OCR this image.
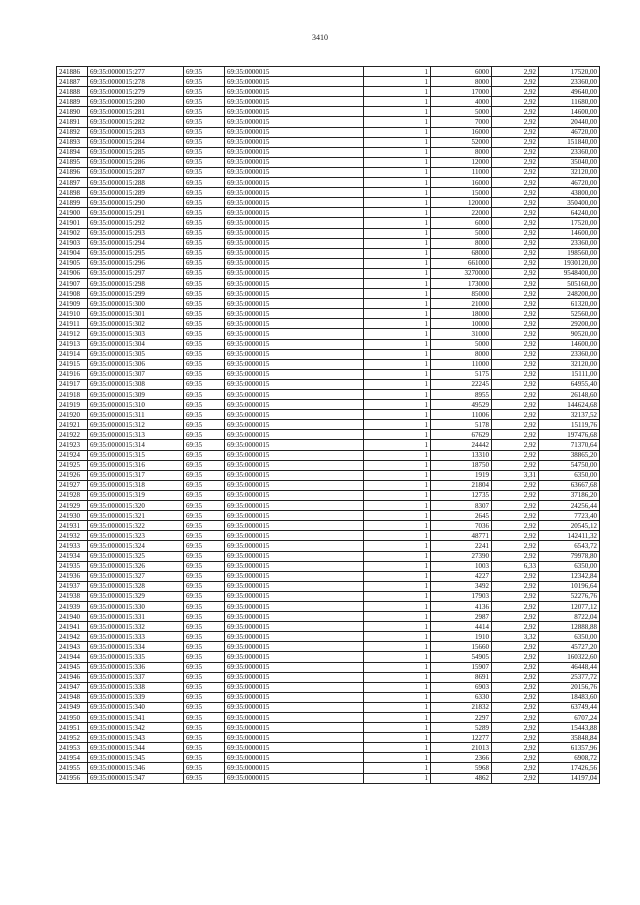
3410
241886	69:35:0000015:277	69:35	69:35:0000015	1	6000	2,92	17520,00
241887	69:35:0000015:278	69:35	69:35:0000015	1	8000	2,92	23360,00
241888	69:35:0000015:279	69:35	69:35:0000015	1	17000	2,92	49640,00
241889	69:35:0000015:280	69:35	69:35:0000015	1	4000	2,92	11680,00
241890	69:35:0000015:281	69:35	69:35:0000015	1	5000	2,92	14600,00
241891	69:35:0000015:282	69:35	69:35:0000015	1	7000	2,92	20440,00
241892	69:35:0000015:283	69:35	69:35:0000015	1	16000	2,92	46720,00
241893	69:35:0000015:284	69:35	69:35:0000015	1	52000	2,92	151840,00
241894	69:35:0000015:285	69:35	69:35:0000015	1	8000	2,92	23360,00
241895	69:35:0000015:286	69:35	69:35:0000015	1	12000	2,92	35040,00
241896	69:35:0000015:287	69:35	69:35:0000015	1	11000	2,92	32120,00
241897	69:35:0000015:288	69:35	69:35:0000015	1	16000	2,92	46720,00
241898	69:35:0000015:289	69:35	69:35:0000015	1	15000	2,92	43800,00
241899	69:35:0000015:290	69:35	69:35:0000015	1	120000	2,92	350400,00
241900	69:35:0000015:291	69:35	69:35:0000015	1	22000	2,92	64240,00
241901	69:35:0000015:292	69:35	69:35:0000015	1	6000	2,92	17520,00
241902	69:35:0000015:293	69:35	69:35:0000015	1	5000	2,92	14600,00
241903	69:35:0000015:294	69:35	69:35:0000015	1	8000	2,92	23360,00
241904	69:35:0000015:295	69:35	69:35:0000015	1	68000	2,92	198560,00
241905	69:35:0000015:296	69:35	69:35:0000015	1	661000	2,92	1930120,00
241906	69:35:0000015:297	69:35	69:35:0000015	1	3270000	2,92	9548400,00
241907	69:35:0000015:298	69:35	69:35:0000015	1	173000	2,92	505160,00
241908	69:35:0000015:299	69:35	69:35:0000015	1	85000	2,92	248200,00
241909	69:35:0000015:300	69:35	69:35:0000015	1	21000	2,92	61320,00
241910	69:35:0000015:301	69:35	69:35:0000015	1	18000	2,92	52560,00
241911	69:35:0000015:302	69:35	69:35:0000015	1	10000	2,92	29200,00
241912	69:35:0000015:303	69:35	69:35:0000015	1	31000	2,92	90520,00
241913	69:35:0000015:304	69:35	69:35:0000015	1	5000	2,92	14600,00
241914	69:35:0000015:305	69:35	69:35:0000015	1	8000	2,92	23360,00
241915	69:35:0000015:306	69:35	69:35:0000015	1	11000	2,92	32120,00
241916	69:35:0000015:307	69:35	69:35:0000015	1	5175	2,92	15111,00
241917	69:35:0000015:308	69:35	69:35:0000015	1	22245	2,92	64955,40
241918	69:35:0000015:309	69:35	69:35:0000015	1	8955	2,92	26148,60
241919	69:35:0000015:310	69:35	69:35:0000015	1	49529	2,92	144624,68
241920	69:35:0000015:311	69:35	69:35:0000015	1	11006	2,92	32137,52
241921	69:35:0000015:312	69:35	69:35:0000015	1	5178	2,92	15119,76
241922	69:35:0000015:313	69:35	69:35:0000015	1	67629	2,92	197476,68
241923	69:35:0000015:314	69:35	69:35:0000015	1	24442	2,92	71370,64
241924	69:35:0000015:315	69:35	69:35:0000015	1	13310	2,92	38865,20
241925	69:35:0000015:316	69:35	69:35:0000015	1	18750	2,92	54750,00
241926	69:35:0000015:317	69:35	69:35:0000015	1	1919	3,31	6350,00
241927	69:35:0000015:318	69:35	69:35:0000015	1	21804	2,92	63667,68
241928	69:35:0000015:319	69:35	69:35:0000015	1	12735	2,92	37186,20
241929	69:35:0000015:320	69:35	69:35:0000015	1	8307	2,92	24256,44
241930	69:35:0000015:321	69:35	69:35:0000015	1	2645	2,92	7723,40
241931	69:35:0000015:322	69:35	69:35:0000015	1	7036	2,92	20545,12
241932	69:35:0000015:323	69:35	69:35:0000015	1	48771	2,92	142411,32
241933	69:35:0000015:324	69:35	69:35:0000015	1	2241	2,92	6543,72
241934	69:35:0000015:325	69:35	69:35:0000015	1	27390	2,92	79978,80
241935	69:35:0000015:326	69:35	69:35:0000015	1	1003	6,33	6350,00
241936	69:35:0000015:327	69:35	69:35:0000015	1	4227	2,92	12342,84
241937	69:35:0000015:328	69:35	69:35:0000015	1	3492	2,92	10196,64
241938	69:35:0000015:329	69:35	69:35:0000015	1	17903	2,92	52276,76
241939	69:35:0000015:330	69:35	69:35:0000015	1	4136	2,92	12077,12
241940	69:35:0000015:331	69:35	69:35:0000015	1	2987	2,92	8722,04
241941	69:35:0000015:332	69:35	69:35:0000015	1	4414	2,92	12888,88
241942	69:35:0000015:333	69:35	69:35:0000015	1	1910	3,32	6350,00
241943	69:35:0000015:334	69:35	69:35:0000015	1	15660	2,92	45727,20
241944	69:35:0000015:335	69:35	69:35:0000015	1	54905	2,92	160322,60
241945	69:35:0000015:336	69:35	69:35:0000015	1	15907	2,92	46448,44
241946	69:35:0000015:337	69:35	69:35:0000015	1	8691	2,92	25377,72
241947	69:35:0000015:338	69:35	69:35:0000015	1	6903	2,92	20156,76
241948	69:35:0000015:339	69:35	69:35:0000015	1	6330	2,92	18483,60
241949	69:35:0000015:340	69:35	69:35:0000015	1	21832	2,92	63749,44
241950	69:35:0000015:341	69:35	69:35:0000015	1	2297	2,92	6707,24
241951	69:35:0000015:342	69:35	69:35:0000015	1	5289	2,92	15443,88
241952	69:35:0000015:343	69:35	69:35:0000015	1	12277	2,92	35848,84
241953	69:35:0000015:344	69:35	69:35:0000015	1	21013	2,92	61357,96
241954	69:35:0000015:345	69:35	69:35:0000015	1	2366	2,92	6908,72
241955	69:35:0000015:346	69:35	69:35:0000015	1	5968	2,92	17426,56
241956	69:35:0000015:347	69:35	69:35:0000015	1	4862	2,92	14197,04
